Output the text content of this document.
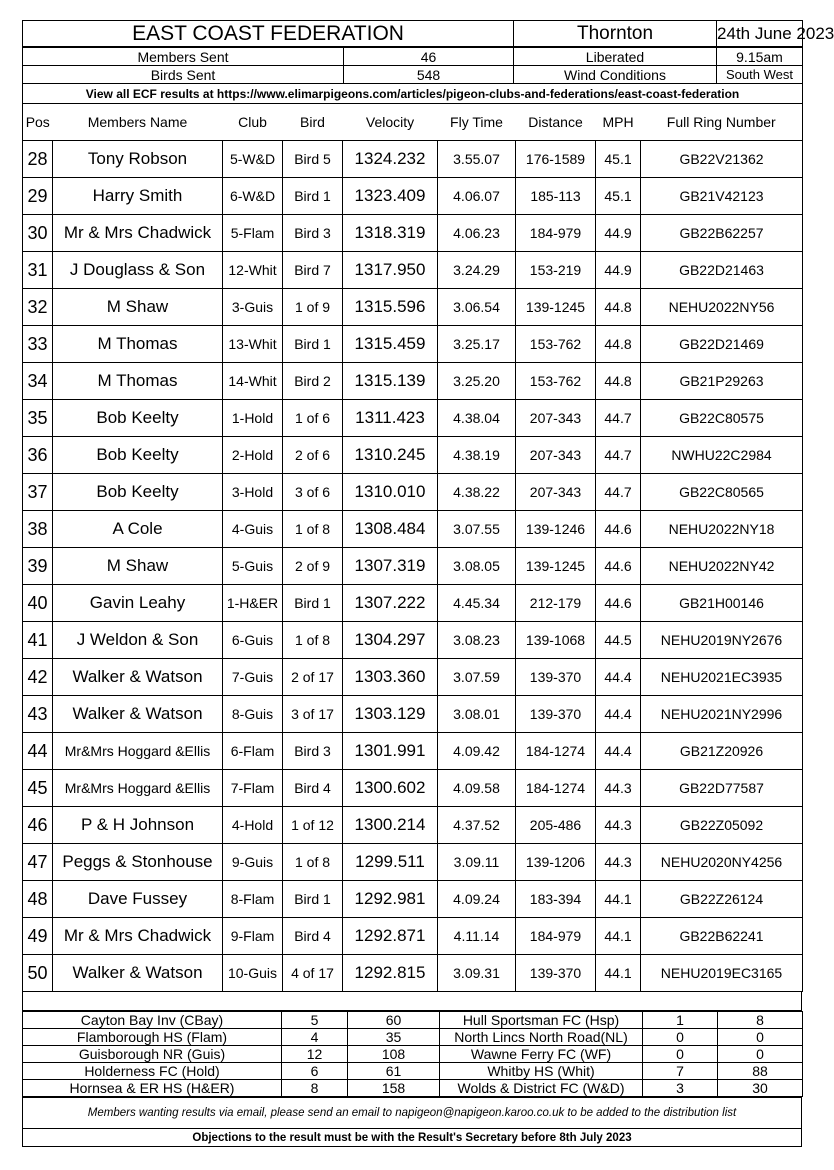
EAST COAST FEDERATION	Thornton	24th June 2023
Members Sent	46	Liberated	9.15am
Birds Sent	548	Wind Conditions	South West
View all ECF results at https://www.elimarpigeons.com/articles/pigeon-clubs-and-federations/east-coast-federation			
Pos	Members Name	Club	Bird	Velocity	Fly Time	Distance	MPH	Full Ring Number
28	Tony Robson	5-W&D	Bird 5	1324.232	3.55.07	176-1589	45.1	GB22V21362
29	Harry Smith	6-W&D	Bird 1	1323.409	4.06.07	185-113	45.1	GB21V42123
30	Mr & Mrs Chadwick	5-Flam	Bird 3	1318.319	4.06.23	184-979	44.9	GB22B62257
31	J Douglass & Son	12-Whit	Bird 7	1317.950	3.24.29	153-219	44.9	GB22D21463
32	M Shaw	3-Guis	1 of 9	1315.596	3.06.54	139-1245	44.8	NEHU2022NY56
33	M Thomas	13-Whit	Bird 1	1315.459	3.25.17	153-762	44.8	GB22D21469
34	M Thomas	14-Whit	Bird 2	1315.139	3.25.20	153-762	44.8	GB21P29263
35	Bob Keelty	1-Hold	1 of 6	1311.423	4.38.04	207-343	44.7	GB22C80575
36	Bob Keelty	2-Hold	2 of 6	1310.245	4.38.19	207-343	44.7	NWHU22C2984
37	Bob Keelty	3-Hold	3 of 6	1310.010	4.38.22	207-343	44.7	GB22C80565
38	A Cole	4-Guis	1 of 8	1308.484	3.07.55	139-1246	44.6	NEHU2022NY18
39	M Shaw	5-Guis	2 of 9	1307.319	3.08.05	139-1245	44.6	NEHU2022NY42
40	Gavin Leahy	1-H&ER	Bird 1	1307.222	4.45.34	212-179	44.6	GB21H00146
41	J Weldon & Son	6-Guis	1 of 8	1304.297	3.08.23	139-1068	44.5	NEHU2019NY2676
42	Walker & Watson	7-Guis	2 of 17	1303.360	3.07.59	139-370	44.4	NEHU2021EC3935
43	Walker & Watson	8-Guis	3 of 17	1303.129	3.08.01	139-370	44.4	NEHU2021NY2996
44	Mr&Mrs Hoggard &Ellis	6-Flam	Bird 3	1301.991	4.09.42	184-1274	44.4	GB21Z20926
45	Mr&Mrs Hoggard &Ellis	7-Flam	Bird 4	1300.602	4.09.58	184-1274	44.3	GB22D77587
46	P & H Johnson	4-Hold	1 of 12	1300.214	4.37.52	205-486	44.3	GB22Z05092
47	Peggs & Stonhouse	9-Guis	1 of 8	1299.511	3.09.11	139-1206	44.3	NEHU2020NY4256
48	Dave Fussey	8-Flam	Bird 1	1292.981	4.09.24	183-394	44.1	GB22Z26124
49	Mr & Mrs Chadwick	9-Flam	Bird 4	1292.871	4.11.14	184-979	44.1	GB22B62241
50	Walker & Watson	10-Guis	4 of 17	1292.815	3.09.31	139-370	44.1	NEHU2019EC3165
Cayton Bay Inv (CBay)	5	60	Hull Sportsman FC (Hsp)	1	8
Flamborough HS (Flam)	4	35	North Lincs North Road(NL)	0	0
Guisborough NR (Guis)	12	108	Wawne Ferry FC (WF)	0	0
Holderness FC (Hold)	6	61	Whitby HS (Whit)	7	88
Hornsea & ER HS (H&ER)	8	158	Wolds & District FC (W&D)	3	30
Members wanting results via email, please send an email to napigeon@napigeon.karoo.co.uk to be added to the distribution list
Objections to the result must be with the Result's Secretary before 8th July 2023
